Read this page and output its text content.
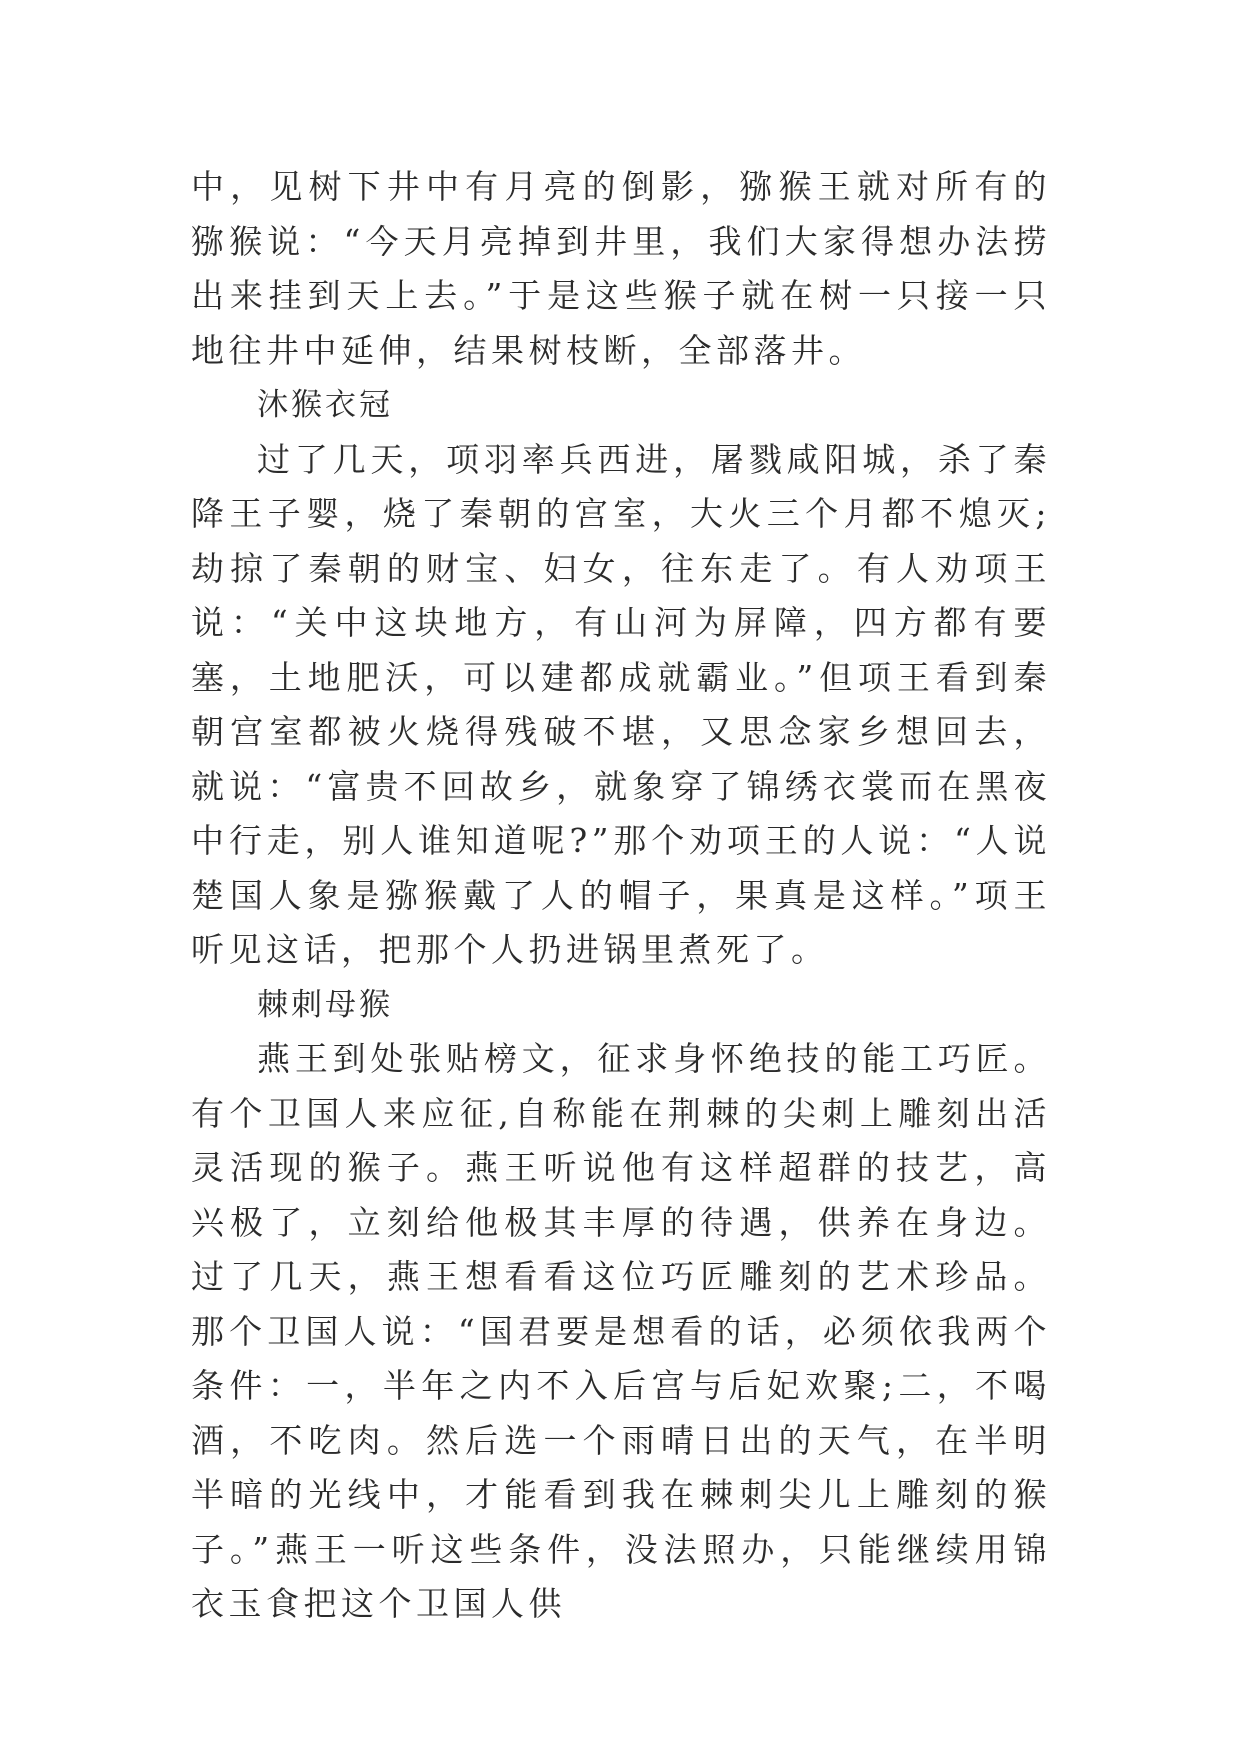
中，见树下井中有月亮的倒影，猕猴王就对所有的猕猴说：“今天月亮掉到井里，我们大家得想办法捞出来挂到天上去。”于是这些猴子就在树一只接一只地往井中延伸，结果树枝断，全部落井。

沐猴衣冠

过了几天，项羽率兵西进，屠戮咸阳城，杀了秦降王子婴，烧了秦朝的宫室，大火三个月都不熄灭;劫掠了秦朝的财宝、妇女，往东走了。有人劝项王说：“关中这块地方，有山河为屏障，四方都有要塞，土地肥沃，可以建都成就霸业。”但项王看到秦朝宫室都被火烧得残破不堪，又思念家乡想回去，就说：“富贵不回故乡，就象穿了锦绣衣裳而在黑夜中行走，别人谁知道呢?”那个劝项王的人说：“人说楚国人象是猕猴戴了人的帽子，果真是这样。”项王听见这话，把那个人扔进锅里煮死了。

棘刺母猴

燕王到处张贴榜文，征求身怀绝技的能工巧匠。有个卫国人来应征,自称能在荆棘的尖刺上雕刻出活灵活现的猴子。燕王听说他有这样超群的技艺，高兴极了，立刻给他极其丰厚的待遇，供养在身边。过了几天，燕王想看看这位巧匠雕刻的艺术珍品。那个卫国人说：“国君要是想看的话，必须依我两个条件：一，半年之内不入后宫与后妃欢聚;二，不喝酒，不吃肉。然后选一个雨晴日出的天气，在半明半暗的光线中，才能看到我在棘刺尖儿上雕刻的猴子。”燕王一听这些条件，没法照办，只能继续用锦衣玉食把这个卫国人供
